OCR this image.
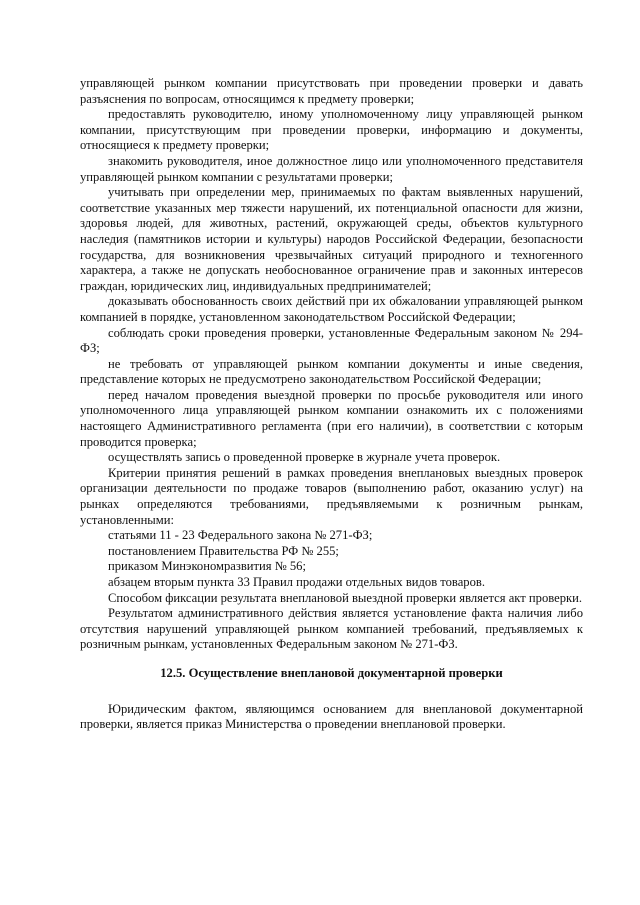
управляющей рынком компании присутствовать при проведении проверки и давать разъяснения по вопросам, относящимся к предмету проверки;

предоставлять руководителю, иному уполномоченному лицу управляющей рынком компании, присутствующим при проведении проверки, информацию и документы, относящиеся к предмету проверки;

знакомить руководителя, иное должностное лицо или уполномоченного представителя управляющей рынком компании с результатами проверки;

учитывать при определении мер, принимаемых по фактам выявленных нарушений, соответствие указанных мер тяжести нарушений, их потенциальной опасности для жизни, здоровья людей, для животных, растений, окружающей среды, объектов культурного наследия (памятников истории и культуры) народов Российской Федерации, безопасности государства, для возникновения чрезвычайных ситуаций природного и техногенного характера, а также не допускать необоснованное ограничение прав и законных интересов граждан, юридических лиц, индивидуальных предпринимателей;

доказывать обоснованность своих действий при их обжаловании управляющей рынком компанией в порядке, установленном законодательством Российской Федерации;

соблюдать сроки проведения проверки, установленные Федеральным законом № 294-ФЗ;

не требовать от управляющей рынком компании документы и иные сведения, представление которых не предусмотрено законодательством Российской Федерации;

перед началом проведения выездной проверки по просьбе руководителя или иного уполномоченного лица управляющей рынком компании ознакомить их с положениями настоящего Административного регламента (при его наличии), в соответствии с которым проводится проверка;

осуществлять запись о проведенной проверке в журнале учета проверок.

Критерии принятия решений в рамках проведения внеплановых выездных проверок организации деятельности по продаже товаров (выполнению работ, оказанию услуг) на рынках определяются требованиями, предъявляемыми к розничным рынкам, установленными:

статьями 11 - 23 Федерального закона № 271-ФЗ;

постановлением Правительства РФ № 255;

приказом Минэкономразвития № 56;

абзацем вторым пункта 33 Правил продажи отдельных видов товаров.

Способом фиксации результата внеплановой выездной проверки является акт проверки.

Результатом административного действия является установление факта наличия либо отсутствия нарушений управляющей рынком компанией требований, предъявляемых к розничным рынкам, установленных Федеральным законом № 271-ФЗ.

12.5. Осуществление внеплановой документарной проверки

Юридическим фактом, являющимся основанием для внеплановой документарной проверки, является приказ Министерства о проведении внеплановой проверки.
